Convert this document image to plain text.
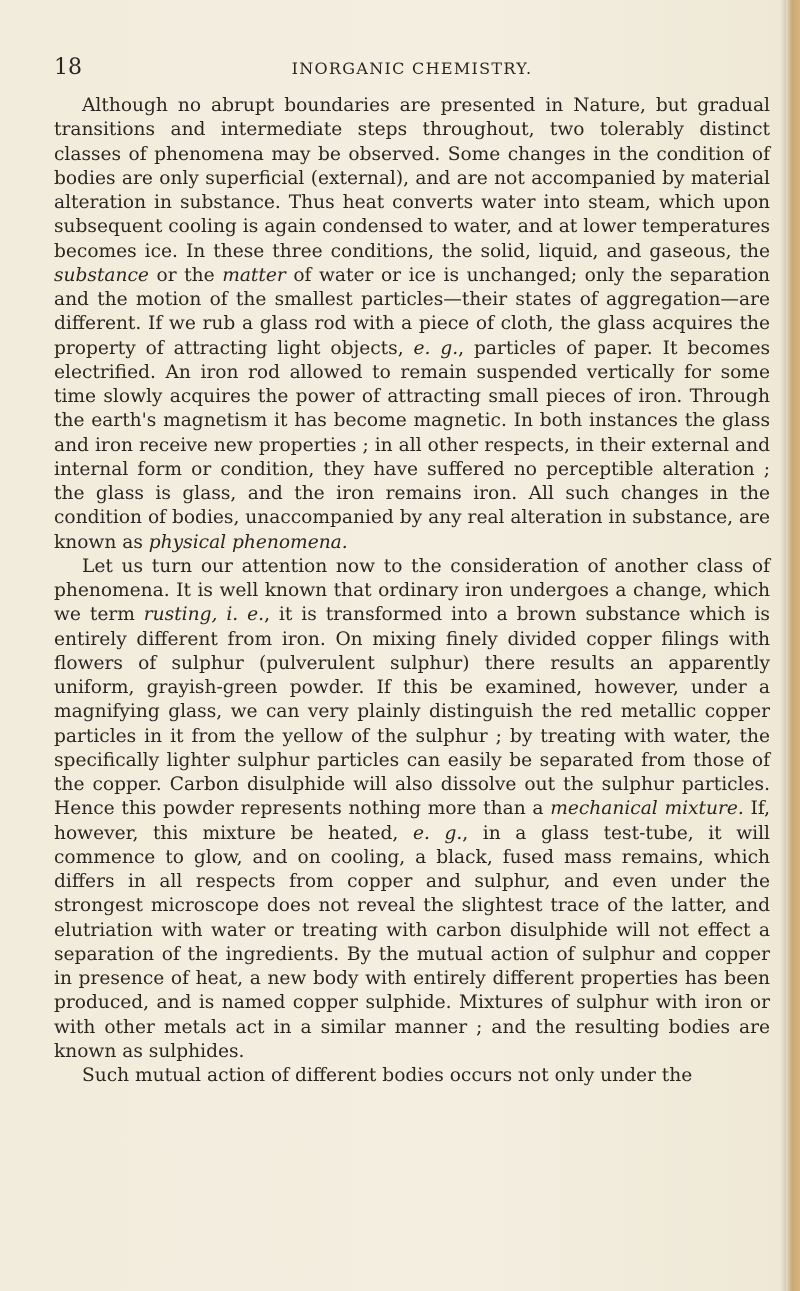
18	INORGANIC CHEMISTRY.

Although no abrupt boundaries are presented in Nature, but gradual transitions and intermediate steps throughout, two tolerably distinct classes of phenomena may be observed. Some changes in the condition of bodies are only superficial (external), and are not accompanied by material alteration in substance. Thus heat converts water into steam, which upon subsequent cooling is again condensed to water, and at lower temperatures becomes ice. In these three conditions, the solid, liquid, and gaseous, the substance or the matter of water or ice is unchanged; only the separation and the motion of the smallest particles—their states of aggregation—are different. If we rub a glass rod with a piece of cloth, the glass acquires the property of attracting light objects, e. g., particles of paper. It becomes electrified. An iron rod allowed to remain suspended vertically for some time slowly acquires the power of attracting small pieces of iron. Through the earth's magnetism it has become magnetic. In both instances the glass and iron receive new properties ; in all other respects, in their external and internal form or condition, they have suffered no perceptible alteration ; the glass is glass, and the iron remains iron. All such changes in the condition of bodies, unaccompanied by any real alteration in substance, are known as physical phenomena.

Let us turn our attention now to the consideration of another class of phenomena. It is well known that ordinary iron undergoes a change, which we term rusting, i. e., it is transformed into a brown substance which is entirely different from iron. On mixing finely divided copper filings with flowers of sulphur (pulverulent sulphur) there results an apparently uniform, grayish-green powder. If this be examined, however, under a magnifying glass, we can very plainly distinguish the red metallic copper particles in it from the yellow of the sulphur ; by treating with water, the specifically lighter sulphur particles can easily be separated from those of the copper. Carbon disulphide will also dissolve out the sulphur particles. Hence this powder represents nothing more than a mechanical mixture. If, however, this mixture be heated, e. g., in a glass test-tube, it will commence to glow, and on cooling, a black, fused mass remains, which differs in all respects from copper and sulphur, and even under the strongest microscope does not reveal the slightest trace of the latter, and elutriation with water or treating with carbon disulphide will not effect a separation of the ingredients. By the mutual action of sulphur and copper in presence of heat, a new body with entirely different properties has been produced, and is named copper sulphide. Mixtures of sulphur with iron or with other metals act in a similar manner ; and the resulting bodies are known as sulphides.

Such mutual action of different bodies occurs not only under the
